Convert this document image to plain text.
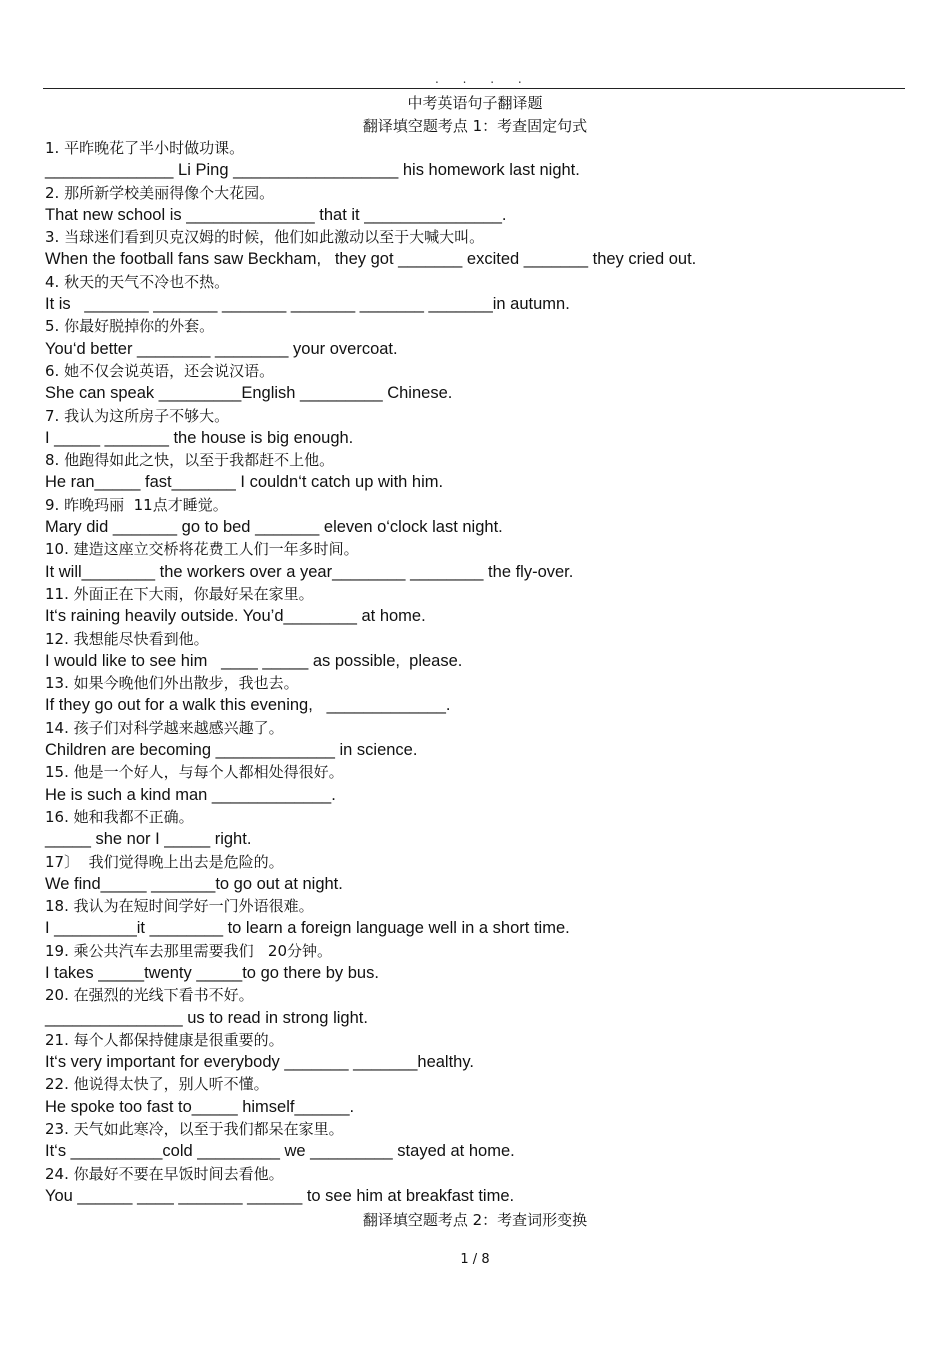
. . . .
中考英语句子翻译题
翻译填空题考点 1：考查固定句式
1. 平昨晚花了半小时做功课。
______________ Li Ping __________________ his homework last night.
2. 那所新学校美丽得像个大花园。
That new school is ______________ that it _______________.
3. 当球迷们看到贝克汉姆的时候，他们如此激动以至于大喊大叫。
When the football fans saw Beckham,   they got _______ excited _______ they cried out.
4. 秋天的天气不冷也不热。
It is   _______ _______ _______ _______ _______ _______in autumn.
5. 你最好脱掉你的外套。
You‘d better ________ ________ your overcoat.
6. 她不仅会说英语，还会说汉语。
She can speak _________English _________ Chinese.
7. 我认为这所房子不够大。
I _____ _______ the house is big enough.
8. 他跑得如此之快，以至于我都赶不上他。
He ran_____ fast_______ I couldn‘t catch up with him.
9. 昨晚玛丽  11点才睡觉。
Mary did _______ go to bed _______ eleven o‘clock last night.
10. 建造这座立交桥将花费工人们一年多时间。
It will________ the workers over a year________ ________ the fly-over.
11. 外面正在下大雨，你最好呆在家里。
It‘s raining heavily outside. You’d________ at home.
12. 我想能尽快看到他。
I would like to see him   ____ _____ as possible,  please.
13. 如果今晚他们外出散步，我也去。
If they go out for a walk this evening,   _____________.
14. 孩子们对科学越来越感兴趣了。
Children are becoming _____________ in science.
15. 他是一个好人，与每个人都相处得很好。
He is such a kind man _____________.
16. 她和我都不正确。
_____ she nor I _____ right.
17〕  我们觉得晚上出去是危险的。
We find_____ _______to go out at night.
18. 我认为在短时间学好一门外语很难。
I _________it ________ to learn a foreign language well in a short time.
19. 乘公共汽车去那里需要我们   20分钟。
I takes _____twenty _____to go there by bus.
20. 在强烈的光线下看书不好。
_______________ us to read in strong light.
21. 每个人都保持健康是很重要的。
It‘s very important for everybody _______ _______healthy.
22. 他说得太快了，别人听不懂。
He spoke too fast to_____ himself______.
23. 天气如此寒冷，以至于我们都呆在家里。
It‘s __________cold _________ we _________ stayed at home.
24. 你最好不要在早饭时间去看他。
You ______ ____ _______ ______ to see him at breakfast time.
翻译填空题考点 2：考查词形变换
1 / 8
